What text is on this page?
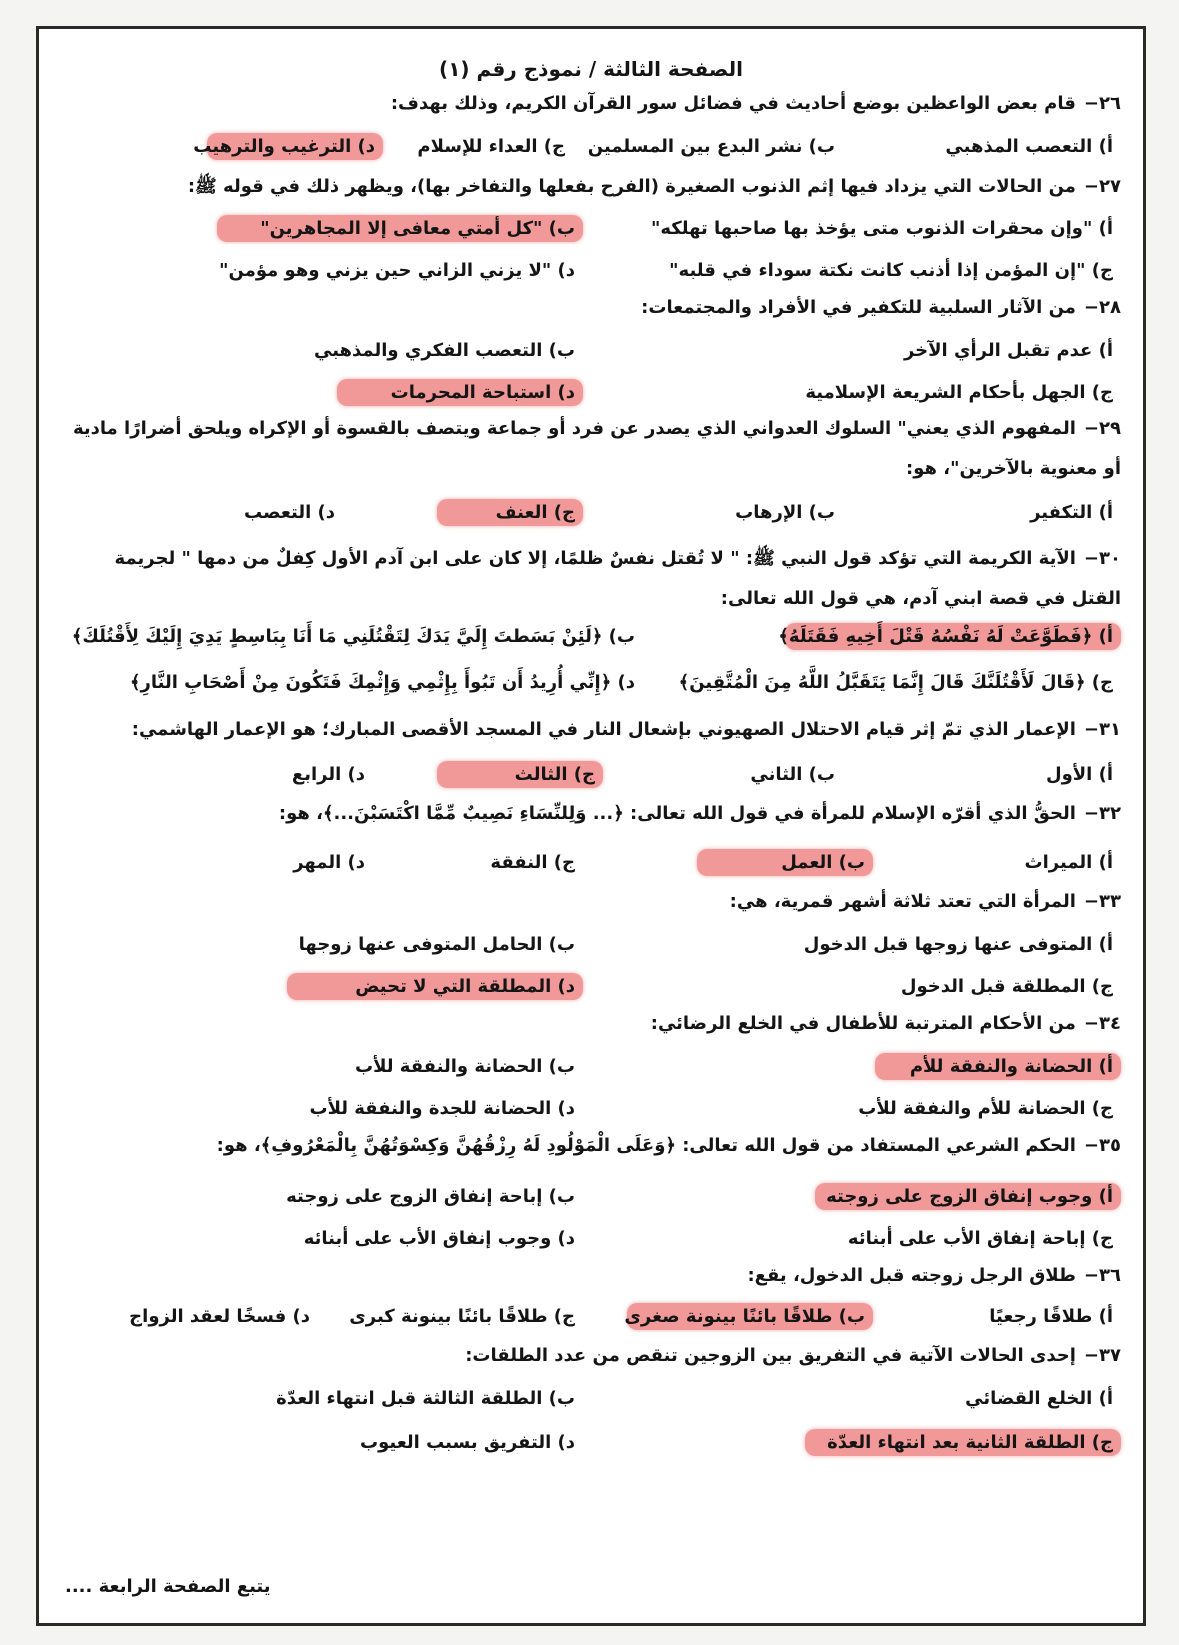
الصفحة الثالثة / نموذج رقم (١)
٢٦−قام بعض الواعظين بوضع أحاديث في فضائل سور القرآن الكريم، وذلك بهدف:
أ) التعصب المذهبي
ب) نشر البدع بين المسلمين
ج) العداء للإسلام
د) الترغيب والترهيب
٢٧−من الحالات التي يزداد فيها إثم الذنوب الصغيرة (الفرح بفعلها والتفاخر بها)، ويظهر ذلك في قوله ﷺ:
أ) "وإن محقرات الذنوب متى يؤخذ بها صاحبها تهلكه"
ب) "كل أمتي معافى إلا المجاهرين"
ج) "إن المؤمن إذا أذنب كانت نكتة سوداء في قلبه"
د) "لا يزني الزاني حين يزني وهو مؤمن"
٢٨−من الآثار السلبية للتكفير في الأفراد والمجتمعات:
أ) عدم تقبل الرأي الآخر
ب) التعصب الفكري والمذهبي
ج) الجهل بأحكام الشريعة الإسلامية
د) استباحة المحرمات
٢٩−المفهوم الذي يعني" السلوك العدواني الذي يصدر عن فرد أو جماعة ويتصف بالقسوة أو الإكراه ويلحق أضرارًا مادية أو معنوية بالآخرين"، هو:
أ) التكفير
ب) الإرهاب
ج) العنف
د) التعصب
٣٠−الآية الكريمة التي تؤكد قول النبي ﷺ: " لا تُقتل نفسٌ ظلمًا، إلا كان على ابن آدم الأول كِفلٌ من دمها " لجريمة القتل في قصة ابني آدم، هي قول الله تعالى:
أ) ﴿فَطَوَّعَتْ لَهُ نَفْسُهُ قَتْلَ أَخِيهِ فَقَتَلَهُ﴾
ب) ﴿لَئِنْ بَسَطتَ إِلَيَّ يَدَكَ لِتَقْتُلَنِي مَا أَنَا بِبَاسِطٍ يَدِيَ إِلَيْكَ لِأَقْتُلَكَ﴾
ج) ﴿قَالَ لَأَقْتُلَنَّكَ قَالَ إِنَّمَا يَتَقَبَّلُ اللَّهُ مِنَ الْمُتَّقِينَ﴾
د) ﴿إِنِّي أُرِيدُ أَن تَبُوأَ بِإِثْمِي وَإِثْمِكَ فَتَكُونَ مِنْ أَصْحَابِ النَّارِ﴾
٣١−الإعمار الذي تمّ إثر قيام الاحتلال الصهيوني بإشعال النار في المسجد الأقصى المبارك؛ هو الإعمار الهاشمي:
أ) الأول
ب) الثاني
ج) الثالث
د) الرابع
٣٢−الحقُّ الذي أقرّه الإسلام للمرأة في قول الله تعالى: ﴿... وَلِلنِّسَاءِ نَصِيبٌ مِّمَّا اكْتَسَبْنَ...﴾، هو:
أ) الميراث
ب) العمل
ج) النفقة
د) المهر
٣٣−المرأة التي تعتد ثلاثة أشهر قمرية، هي:
أ) المتوفى عنها زوجها قبل الدخول
ب) الحامل المتوفى عنها زوجها
ج) المطلقة قبل الدخول
د) المطلقة التي لا تحيض
٣٤−من الأحكام المترتبة للأطفال في الخلع الرضائي:
أ) الحضانة والنفقة للأم
ب) الحضانة والنفقة للأب
ج) الحضانة للأم والنفقة للأب
د) الحضانة للجدة والنفقة للأب
٣٥−الحكم الشرعي المستفاد من قول الله تعالى: ﴿وَعَلَى الْمَوْلُودِ لَهُ رِزْقُهُنَّ وَكِسْوَتُهُنَّ بِالْمَعْرُوفِ﴾، هو:
أ) وجوب إنفاق الزوج على زوجته
ب) إباحة إنفاق الزوج على زوجته
ج) إباحة إنفاق الأب على أبنائه
د) وجوب إنفاق الأب على أبنائه
٣٦−طلاق الرجل زوجته قبل الدخول، يقع:
أ) طلاقًا رجعيًا
ب) طلاقًا بائنًا بينونة صغرى
ج) طلاقًا بائنًا بينونة كبرى
د) فسخًا لعقد الزواج
٣٧−إحدى الحالات الآتية في التفريق بين الزوجين تنقص من عدد الطلقات:
أ) الخلع القضائي
ب) الطلقة الثالثة قبل انتهاء العدّة
ج) الطلقة الثانية بعد انتهاء العدّة
د) التفريق بسبب العيوب
يتبع الصفحة الرابعة ....
